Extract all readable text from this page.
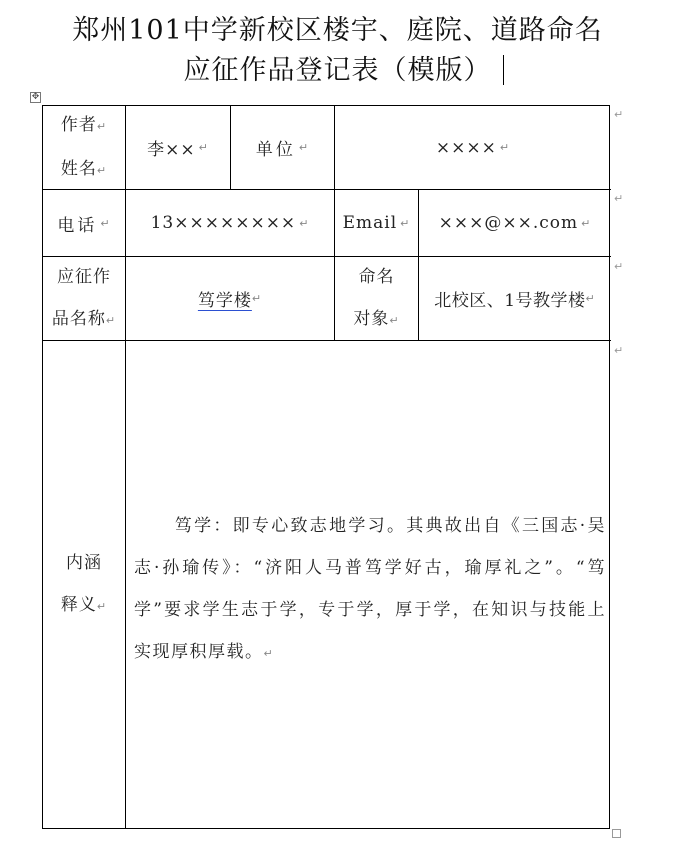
郑州101中学新校区楼宇、庭院、道路命名
应征作品登记表（模版）
✥
作者↵
姓名↵
李×× ↵	单位 ↵	×××× ↵
电话 ↵ 13×××××××× ↵ Email ↵ ×××@××.com ↵
应征作
品名称↵
笃学楼 ↵
命名
对象↵
北校区、1号教学楼 ↵
内涵
释义↵
笃学：即专心致志地学习。其典故出自《三国志·吴志·孙瑜传》：“济阳人马普笃学好古，瑜厚礼之”。“笃学”要求学生志于学，专于学，厚于学，在知识与技能上实现厚积厚载。↵
↵
↵
↵
↵
